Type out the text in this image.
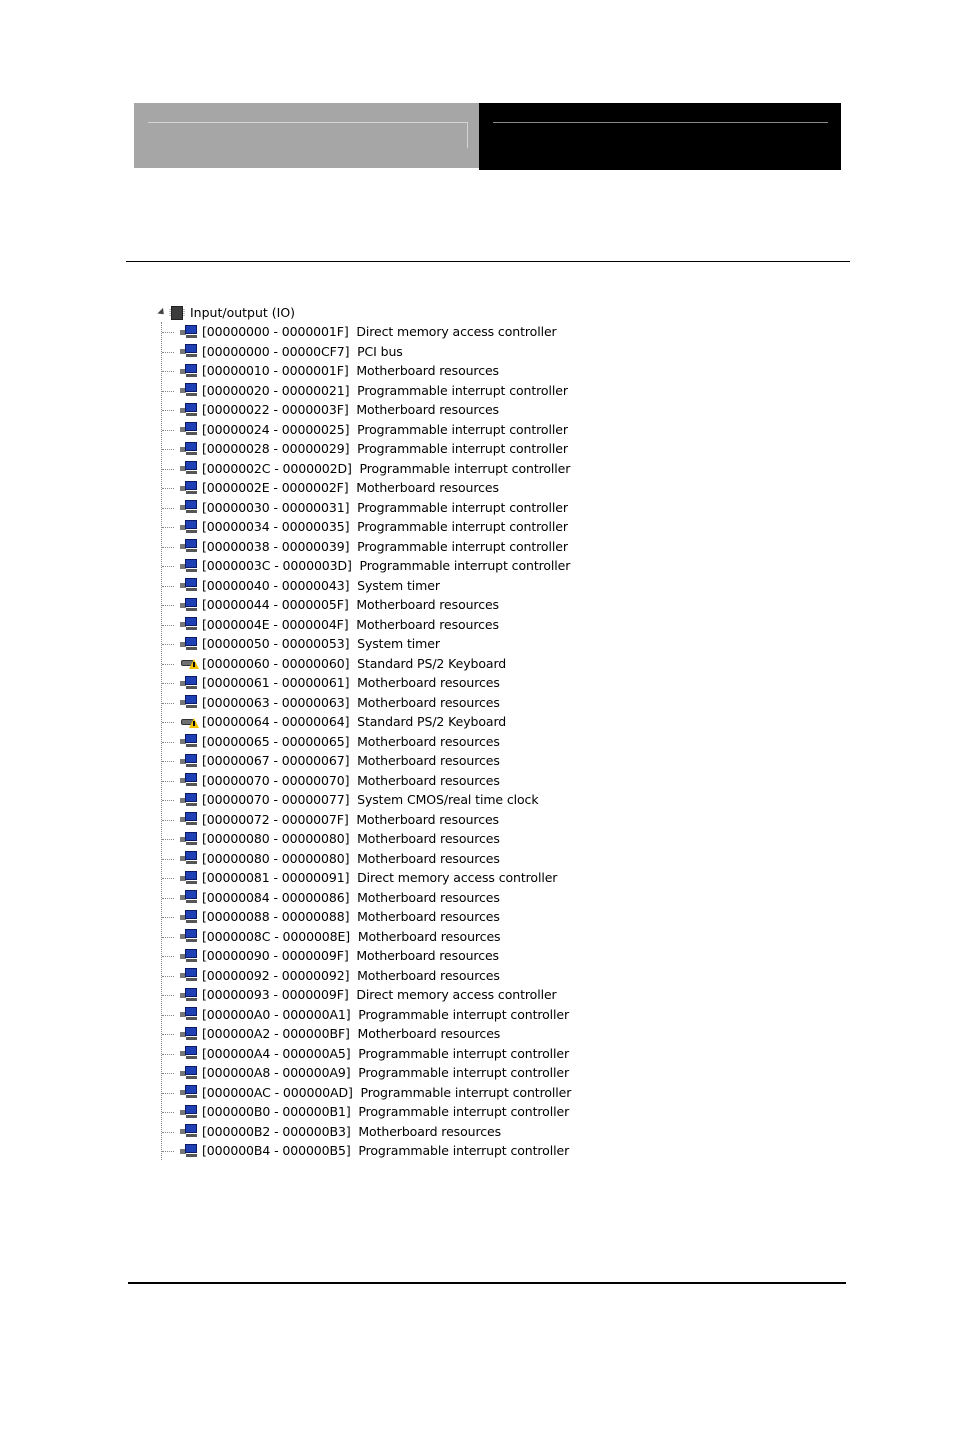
Input/output (IO)
[00000000 - 0000001F]  Direct memory access controller
[00000000 - 00000CF7]  PCI bus
[00000010 - 0000001F]  Motherboard resources
[00000020 - 00000021]  Programmable interrupt controller
[00000022 - 0000003F]  Motherboard resources
[00000024 - 00000025]  Programmable interrupt controller
[00000028 - 00000029]  Programmable interrupt controller
[0000002C - 0000002D]  Programmable interrupt controller
[0000002E - 0000002F]  Motherboard resources
[00000030 - 00000031]  Programmable interrupt controller
[00000034 - 00000035]  Programmable interrupt controller
[00000038 - 00000039]  Programmable interrupt controller
[0000003C - 0000003D]  Programmable interrupt controller
[00000040 - 00000043]  System timer
[00000044 - 0000005F]  Motherboard resources
[0000004E - 0000004F]  Motherboard resources
[00000050 - 00000053]  System timer
[00000060 - 00000060]  Standard PS/2 Keyboard
[00000061 - 00000061]  Motherboard resources
[00000063 - 00000063]  Motherboard resources
[00000064 - 00000064]  Standard PS/2 Keyboard
[00000065 - 00000065]  Motherboard resources
[00000067 - 00000067]  Motherboard resources
[00000070 - 00000070]  Motherboard resources
[00000070 - 00000077]  System CMOS/real time clock
[00000072 - 0000007F]  Motherboard resources
[00000080 - 00000080]  Motherboard resources
[00000080 - 00000080]  Motherboard resources
[00000081 - 00000091]  Direct memory access controller
[00000084 - 00000086]  Motherboard resources
[00000088 - 00000088]  Motherboard resources
[0000008C - 0000008E]  Motherboard resources
[00000090 - 0000009F]  Motherboard resources
[00000092 - 00000092]  Motherboard resources
[00000093 - 0000009F]  Direct memory access controller
[000000A0 - 000000A1]  Programmable interrupt controller
[000000A2 - 000000BF]  Motherboard resources
[000000A4 - 000000A5]  Programmable interrupt controller
[000000A8 - 000000A9]  Programmable interrupt controller
[000000AC - 000000AD]  Programmable interrupt controller
[000000B0 - 000000B1]  Programmable interrupt controller
[000000B2 - 000000B3]  Motherboard resources
[000000B4 - 000000B5]  Programmable interrupt controller
